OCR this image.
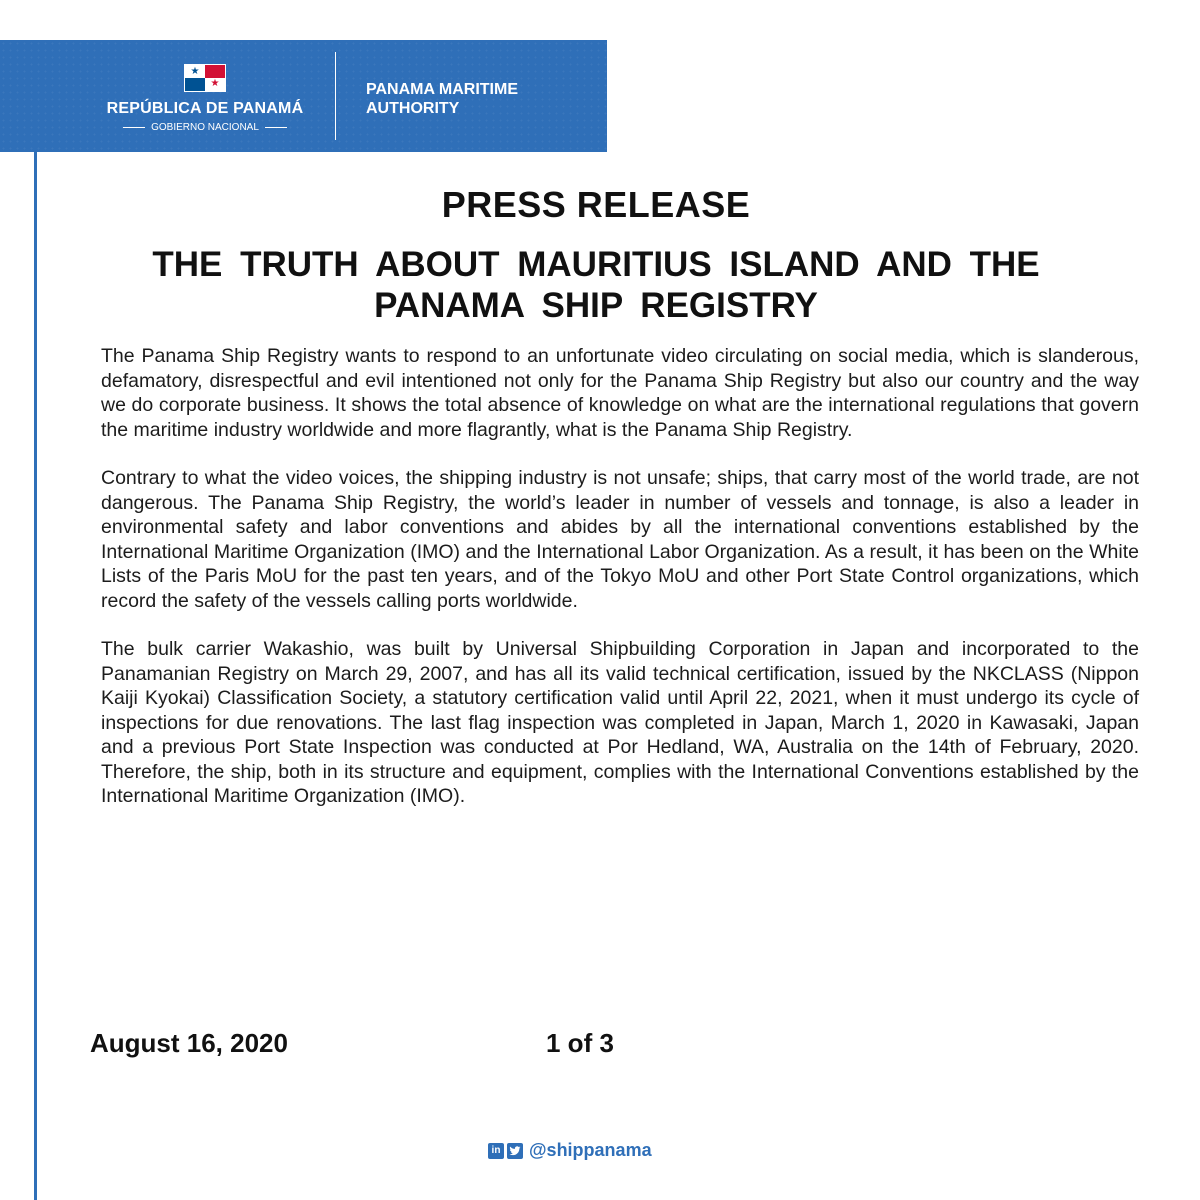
★
★
REPÚBLICA DE PANAMÁ
GOBIERNO NACIONAL
PANAMA MARITIME
AUTHORITY
PRESS RELEASE
THE TRUTH ABOUT MAURITIUS ISLAND AND THE
PANAMA SHIP REGISTRY

The Panama Ship Registry wants to respond to an unfortunate video circulating on social media, which is slanderous, defamatory, disrespectful and evil intentioned not only for the Panama Ship Registry but also our country and the way we do corporate business. It shows the total absence of knowledge on what are the international regulations that govern the maritime industry worldwide and more flagrantly, what is the Panama Ship Registry.

Contrary to what the video voices, the shipping industry is not unsafe; ships, that carry most of the world trade, are not dangerous. The Panama Ship Registry, the world’s leader in number of vessels and tonnage, is also a leader in environmental safety and labor conventions and abides by all the international conventions established by the International Maritime Organization (IMO) and the International Labor Organization. As a result, it has been on the White Lists of the Paris MoU for the past ten years, and of the Tokyo MoU and other Port State Control organizations, which record the safety of the vessels calling ports worldwide.

The bulk carrier Wakashio, was built by Universal Shipbuilding Corporation in Japan and incorporated to the Panamanian Registry on March 29, 2007, and has all its valid technical certification, issued by the NKCLASS (Nippon Kaiji Kyokai) Classification Society, a statutory certification valid until April 22, 2021, when it must undergo its cycle of inspections for due renovations. The last flag inspection was completed in Japan, March 1, 2020 in Kawasaki, Japan and a previous Port State Inspection was conducted at Por Hedland, WA, Australia on the 14th of February, 2020. Therefore, the ship, both in its structure and equipment, complies with the International Conventions established by the International Maritime Organization (IMO).

August 16, 2020	1 of 3
in @shippanama
